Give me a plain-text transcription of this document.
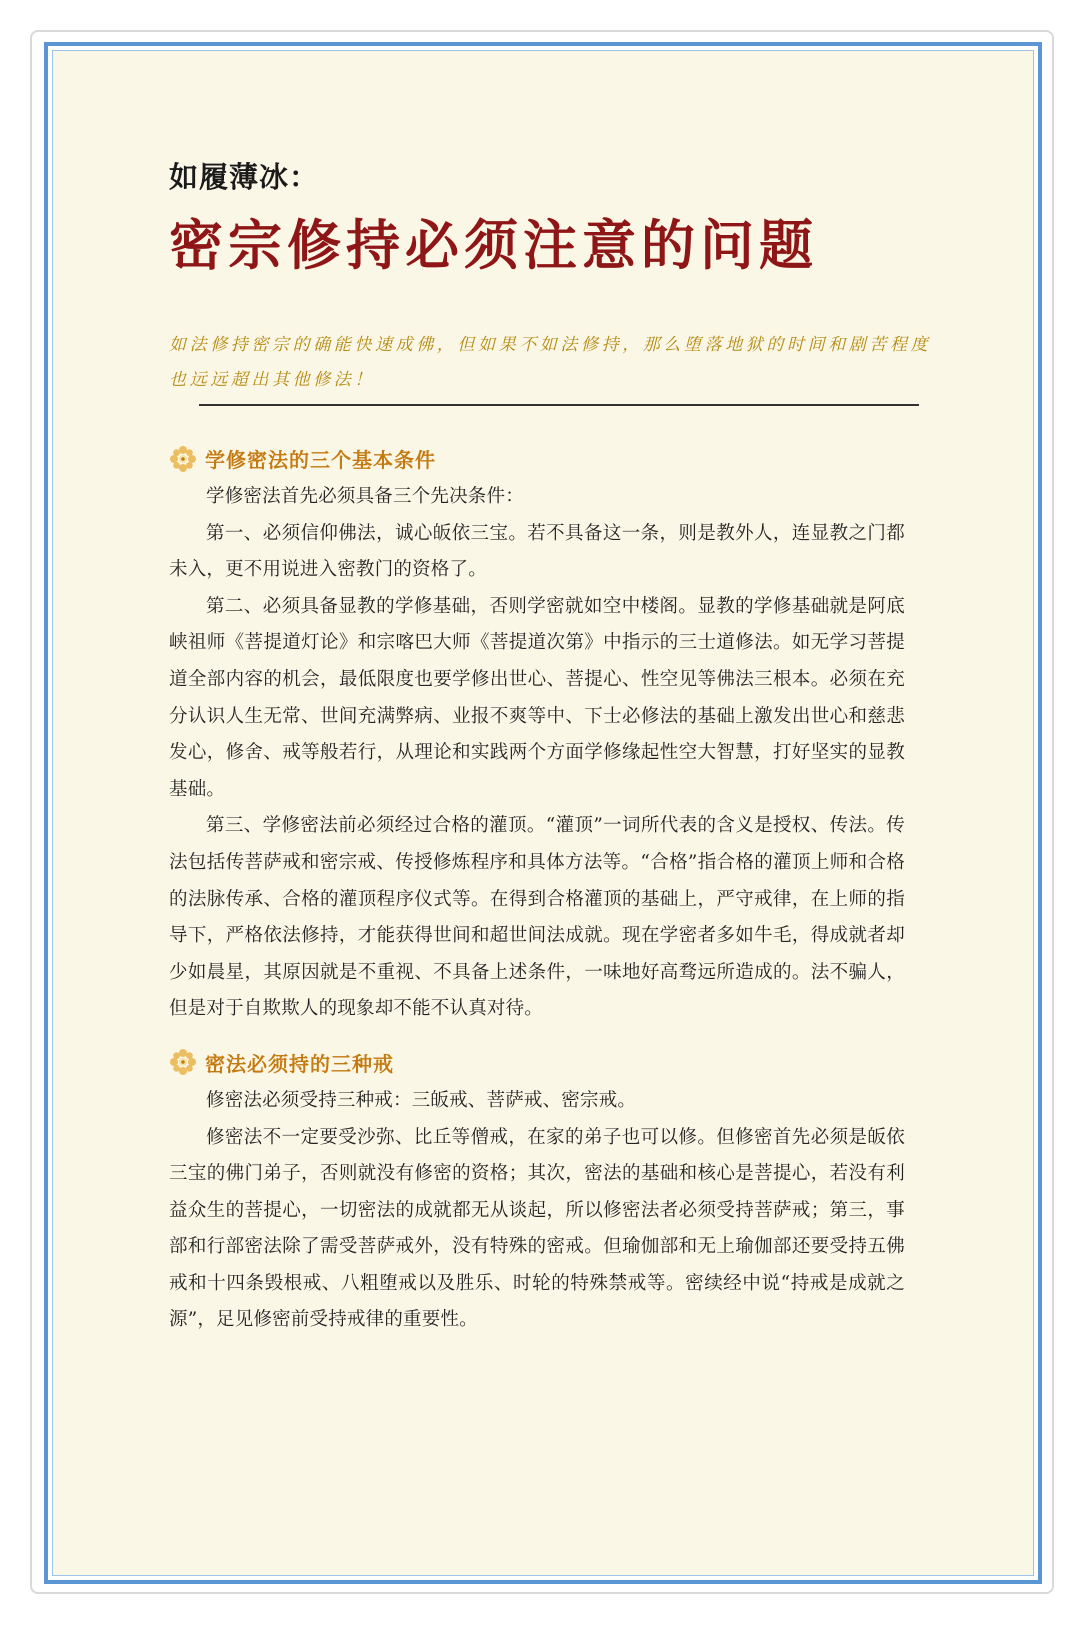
如履薄冰：
密宗修持必须注意的问题
如法修持密宗的确能快速成佛，但如果不如法修持，那么堕落地狱的时间和剧苦程度也远远超出其他修法！
学修密法的三个基本条件

学修密法首先必须具备三个先决条件：

第一、必须信仰佛法，诚心皈依三宝。若不具备这一条，则是教外人，连显教之门都未入，更不用说进入密教门的资格了。

第二、必须具备显教的学修基础，否则学密就如空中楼阁。显教的学修基础就是阿底峡祖师《菩提道灯论》和宗喀巴大师《菩提道次第》中指示的三士道修法。如无学习菩提道全部内容的机会，最低限度也要学修出世心、菩提心、性空见等佛法三根本。必须在充分认识人生无常、世间充满弊病、业报不爽等中、下士必修法的基础上激发出世心和慈悲发心，修舍、戒等般若行，从理论和实践两个方面学修缘起性空大智慧，打好坚实的显教基础。

第三、学修密法前必须经过合格的灌顶。“灌顶”一词所代表的含义是授权、传法。传法包括传菩萨戒和密宗戒、传授修炼程序和具体方法等。“合格”指合格的灌顶上师和合格的法脉传承、合格的灌顶程序仪式等。在得到合格灌顶的基础上，严守戒律，在上师的指导下，严格依法修持，才能获得世间和超世间法成就。现在学密者多如牛毛，得成就者却少如晨星，其原因就是不重视、不具备上述条件，一味地好高骛远所造成的。法不骗人，但是对于自欺欺人的现象却不能不认真对待。

密法必须持的三种戒

修密法必须受持三种戒：三皈戒、菩萨戒、密宗戒。

修密法不一定要受沙弥、比丘等僧戒，在家的弟子也可以修。但修密首先必须是皈依三宝的佛门弟子，否则就没有修密的资格；其次，密法的基础和核心是菩提心，若没有利益众生的菩提心，一切密法的成就都无从谈起，所以修密法者必须受持菩萨戒；第三，事部和行部密法除了需受菩萨戒外，没有特殊的密戒。但瑜伽部和无上瑜伽部还要受持五佛戒和十四条毁根戒、八粗堕戒以及胜乐、时轮的特殊禁戒等。密续经中说“持戒是成就之源”，足见修密前受持戒律的重要性。
